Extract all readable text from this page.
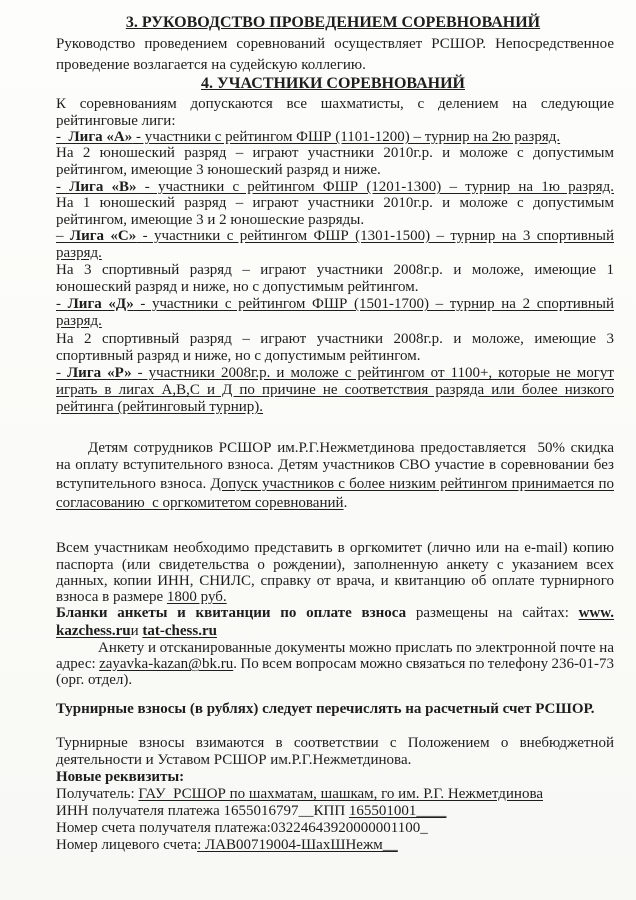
3. РУКОВОДСТВО ПРОВЕДЕНИЕМ СОРЕВНОВАНИЙ
Руководство проведением соревнований осуществляет РСШОР. Непосредственное
проведение возлагается на судейскую коллегию.
4. УЧАСТНИКИ СОРЕВНОВАНИЙ
К соревнованиям допускаются все шахматисты, с делением на следующие
рейтинговые лиги:
-  Лига «А» - участники с рейтингом ФШР (1101-1200) – турнир на 2ю разряд.
На 2 юношеский разряд – играют участники 2010г.р. и моложе с допустимым
рейтингом, имеющие 3 юношеский разряд и ниже.
- Лига «В» - участники с рейтингом ФШР (1201-1300) – турнир на 1ю разряд.
На 1 юношеский разряд – играют участники 2010г.р. и моложе с допустимым
рейтингом, имеющие 3 и 2 юношеские разряды.
– Лига «С» - участники с рейтингом ФШР (1301-1500) – турнир на 3 спортивный
разряд.
На 3 спортивный разряд – играют участники 2008г.р. и моложе, имеющие 1
юношеский разряд и ниже, но с допустимым рейтингом.
- Лига «Д» - участники с рейтингом ФШР (1501-1700) – турнир на 2 спортивный
разряд.
На 2 спортивный разряд – играют участники 2008г.р. и моложе, имеющие 3
спортивный разряд и ниже, но с допустимым рейтингом.
- Лига «Р» - участники 2008г.р. и моложе с рейтингом от 1100+, которые не могут
играть в лигах А,В,С и Д по причине не соответствия разряда или более низкого
рейтинга (рейтинговый турнир).
Детям сотрудников РСШОР им.Р.Г.Нежметдинова предоставляется  50% скидка
на оплату вступительного взноса. Детям участников СВО участие в соревновании без
вступительного взноса. Допуск участников с более низким рейтингом принимается по
согласованию  с оргкомитетом соревнований.
Всем участникам необходимо представить в оргкомитет (лично или на e-mail) копию
паспорта (или свидетельства о рождении), заполненную анкету с указанием всех
данных, копии ИНН, СНИЛС, справку от врача, и квитанцию об оплате турнирного
взноса в размере 1800 руб.
Бланки анкеты и квитанции по оплате взноса размещены на сайтах: www.
kazchess.ruи tat-chess.ru
Анкету и отсканированные документы можно прислать по электронной почте на
адрес: zayavka-kazan@bk.ru. По всем вопросам можно связаться по телефону 236-01-73
(орг. отдел).
Турнирные взносы (в рублях) следует перечислять на расчетный счет РСШОР.
Турнирные взносы взимаются в соответствии с Положением о внебюджетной
деятельности и Уставом РСШОР им.Р.Г.Нежметдинова.
Новые реквизиты:
Получатель: ГАУ  РСШОР по шахматам, шашкам, го им. Р.Г. Нежметдинова
ИНН получателя платежа 1655016797__КПП 165501001____
Номер счета получателя платежа:03224643920000001100_
Номер лицевого счета: ЛАВ00719004-ШахШНежм__
